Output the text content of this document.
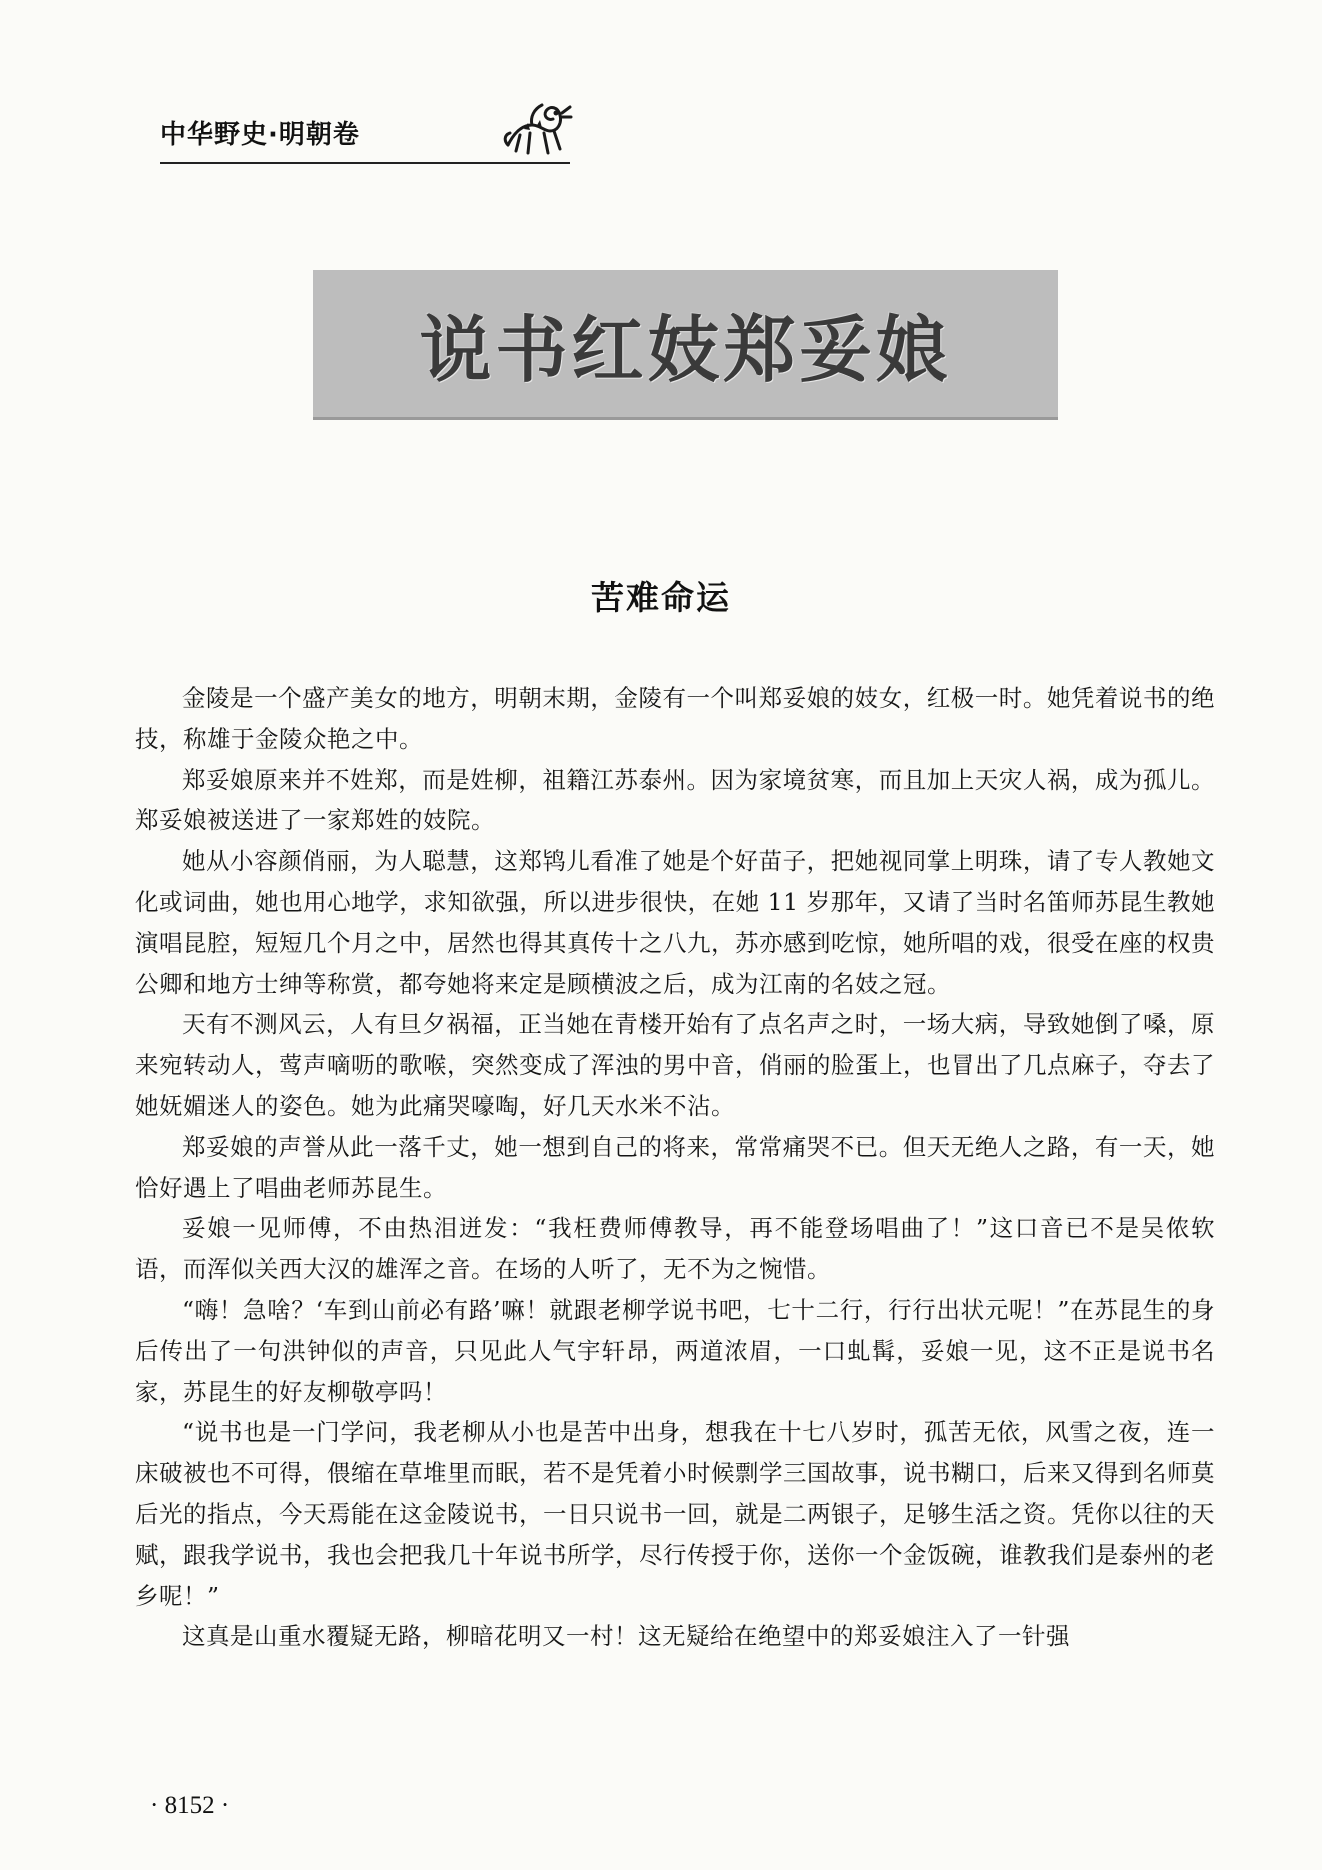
中华野史·明朝卷
说书红妓郑妥娘
苦难命运

金陵是一个盛产美女的地方，明朝末期，金陵有一个叫郑妥娘的妓女，红极一时。她凭着说书的绝技，称雄于金陵众艳之中。

郑妥娘原来并不姓郑，而是姓柳，祖籍江苏泰州。因为家境贫寒，而且加上天灾人祸，成为孤儿。郑妥娘被送进了一家郑姓的妓院。

她从小容颜俏丽，为人聪慧，这郑鸨儿看准了她是个好苗子，把她视同掌上明珠，请了专人教她文化或词曲，她也用心地学，求知欲强，所以进步很快，在她 11 岁那年，又请了当时名笛师苏昆生教她演唱昆腔，短短几个月之中，居然也得其真传十之八九，苏亦感到吃惊，她所唱的戏，很受在座的权贵公卿和地方士绅等称赏，都夸她将来定是顾横波之后，成为江南的名妓之冠。

天有不测风云，人有旦夕祸福，正当她在青楼开始有了点名声之时，一场大病，导致她倒了嗓，原来宛转动人，莺声嘀呖的歌喉，突然变成了浑浊的男中音，俏丽的脸蛋上，也冒出了几点麻子，夺去了她妩媚迷人的姿色。她为此痛哭嚎啕，好几天水米不沾。

郑妥娘的声誉从此一落千丈，她一想到自己的将来，常常痛哭不已。但天无绝人之路，有一天，她恰好遇上了唱曲老师苏昆生。

妥娘一见师傅，不由热泪迸发：“我枉费师傅教导，再不能登场唱曲了！”这口音已不是吴侬软语，而浑似关西大汉的雄浑之音。在场的人听了，无不为之惋惜。

“嗨！急啥？‘车到山前必有路’嘛！就跟老柳学说书吧，七十二行，行行出状元呢！”在苏昆生的身后传出了一句洪钟似的声音，只见此人气宇轩昂，两道浓眉，一口虬髯，妥娘一见，这不正是说书名家，苏昆生的好友柳敬亭吗！

“说书也是一门学问，我老柳从小也是苦中出身，想我在十七八岁时，孤苦无依，风雪之夜，连一床破被也不可得，偎缩在草堆里而眠，若不是凭着小时候剽学三国故事，说书糊口，后来又得到名师莫后光的指点，今天焉能在这金陵说书，一日只说书一回，就是二两银子，足够生活之资。凭你以往的天赋，跟我学说书，我也会把我几十年说书所学，尽行传授于你，送你一个金饭碗，谁教我们是泰州的老乡呢！”

这真是山重水覆疑无路，柳暗花明又一村！这无疑给在绝望中的郑妥娘注入了一针强

· 8152 ·
